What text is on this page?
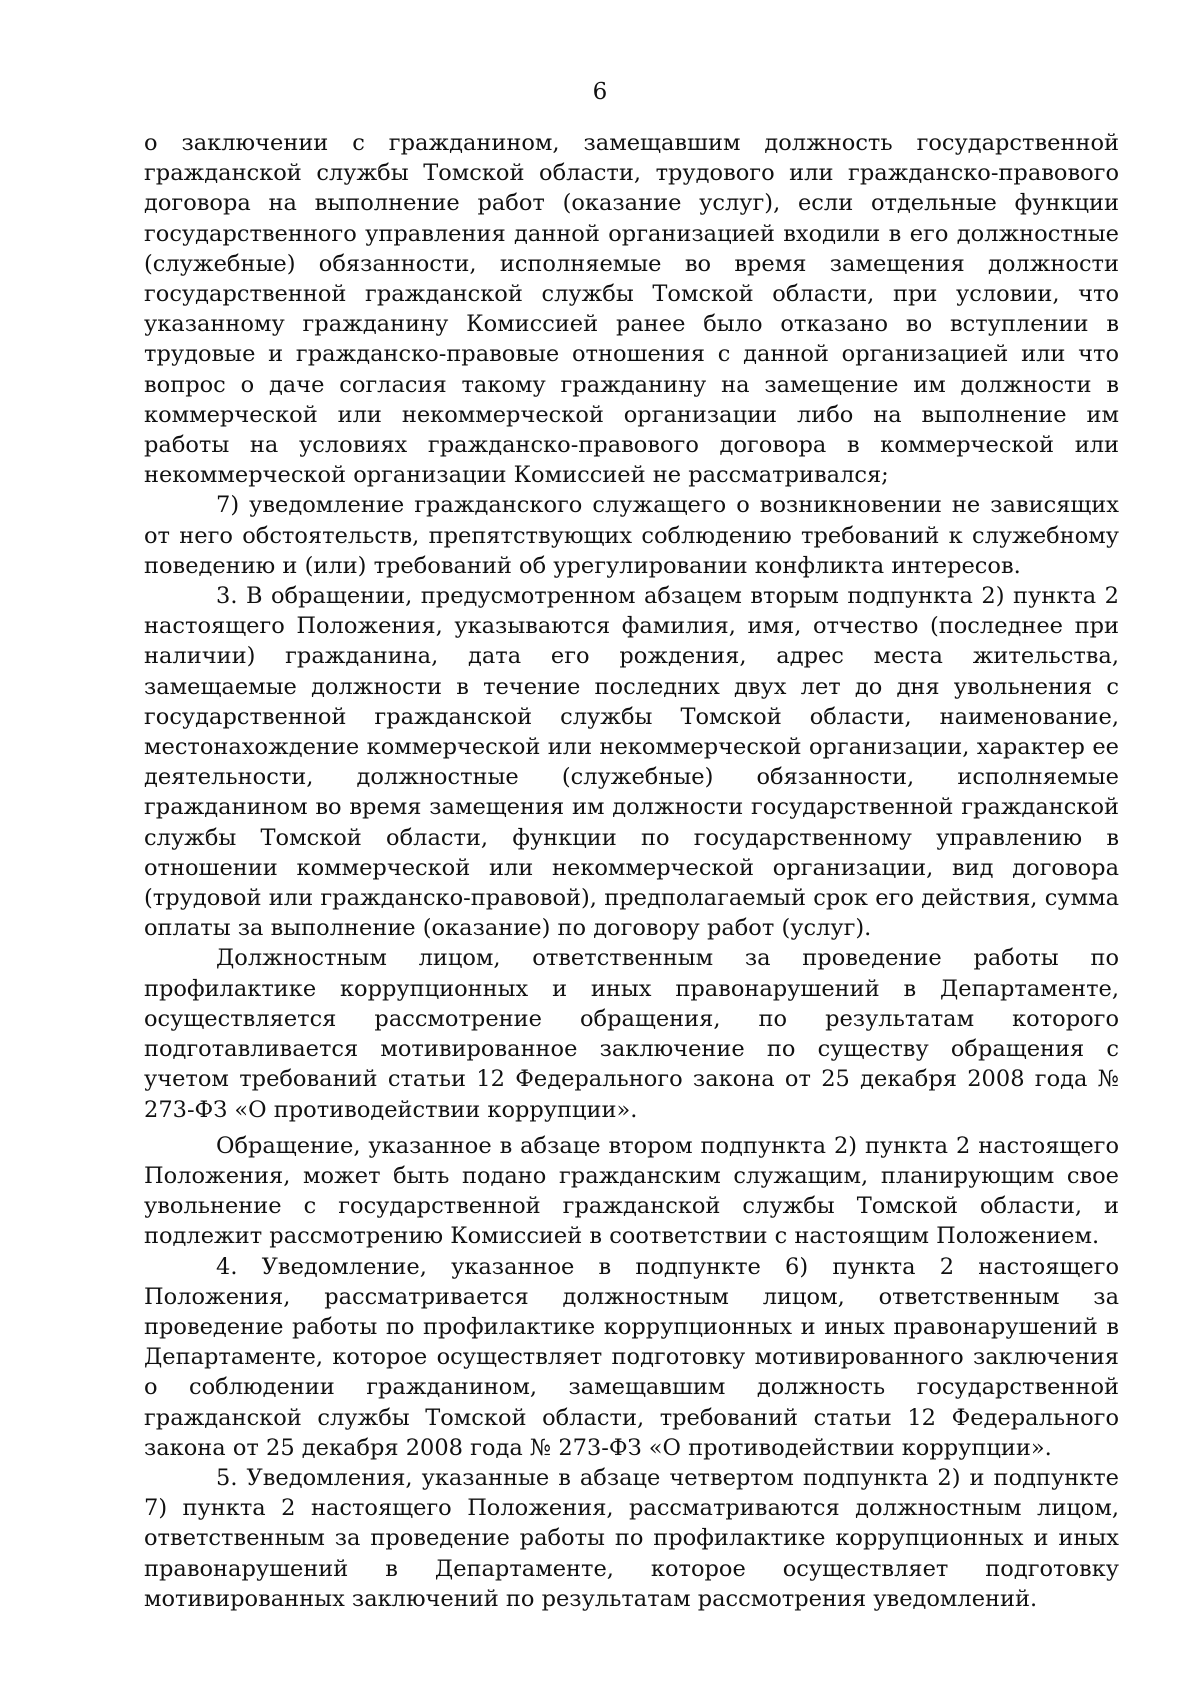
6

о заключении с гражданином, замещавшим должность государственной гражданской службы Томской области, трудового или гражданско-правового договора на выполнение работ (оказание услуг), если отдельные функции государственного управления данной организацией входили в его должностные (служебные) обязанности, исполняемые во время замещения должности государственной гражданской службы Томской области, при условии, что указанному гражданину Комиссией ранее было отказано во вступлении в трудовые и гражданско-правовые отношения с данной организацией или что вопрос о даче согласия такому гражданину на замещение им должности в коммерческой или некоммерческой организации либо на выполнение им работы на условиях гражданско-правового договора в коммерческой или некоммерческой организации Комиссией не рассматривался;

7) уведомление гражданского служащего о возникновении не зависящих от него обстоятельств, препятствующих соблюдению требований к служебному поведению и (или) требований об урегулировании конфликта интересов.

3. В обращении, предусмотренном абзацем вторым подпункта 2) пункта 2 настоящего Положения, указываются фамилия, имя, отчество (последнее при наличии) гражданина, дата его рождения, адрес места жительства, замещаемые должности в течение последних двух лет до дня увольнения с государственной гражданской службы Томской области, наименование, местонахождение коммерческой или некоммерческой организации, характер ее деятельности, должностные (служебные) обязанности, исполняемые гражданином во время замещения им должности государственной гражданской службы Томской области, функции по государственному управлению в отношении коммерческой или некоммерческой организации, вид договора (трудовой или гражданско-правовой), предполагаемый срок его действия, сумма оплаты за выполнение (оказание) по договору работ (услуг).

Должностным лицом, ответственным за проведение работы по профилактике коррупционных и иных правонарушений в Департаменте, осуществляется рассмотрение обращения, по результатам которого подготавливается мотивированное заключение по существу обращения с учетом требований статьи 12 Федерального закона от 25 декабря 2008 года № 273-ФЗ «О противодействии коррупции».

Обращение, указанное в абзаце втором подпункта 2) пункта 2 настоящего Положения, может быть подано гражданским служащим, планирующим свое увольнение с государственной гражданской службы Томской области, и подлежит рассмотрению Комиссией в соответствии с настоящим Положением.

4. Уведомление, указанное в подпункте 6) пункта 2 настоящего Положения, рассматривается должностным лицом, ответственным за проведение работы по профилактике коррупционных и иных правонарушений в Департаменте, которое осуществляет подготовку мотивированного заключения о соблюдении гражданином, замещавшим должность государственной гражданской службы Томской области, требований статьи 12 Федерального закона от 25 декабря 2008 года № 273-ФЗ «О противодействии коррупции».

5. Уведомления, указанные в абзаце четвертом подпункта 2) и подпункте 7) пункта 2 настоящего Положения, рассматриваются должностным лицом, ответственным за проведение работы по профилактике коррупционных и иных правонарушений в Департаменте, которое осуществляет подготовку мотивированных заключений по результатам рассмотрения уведомлений.
